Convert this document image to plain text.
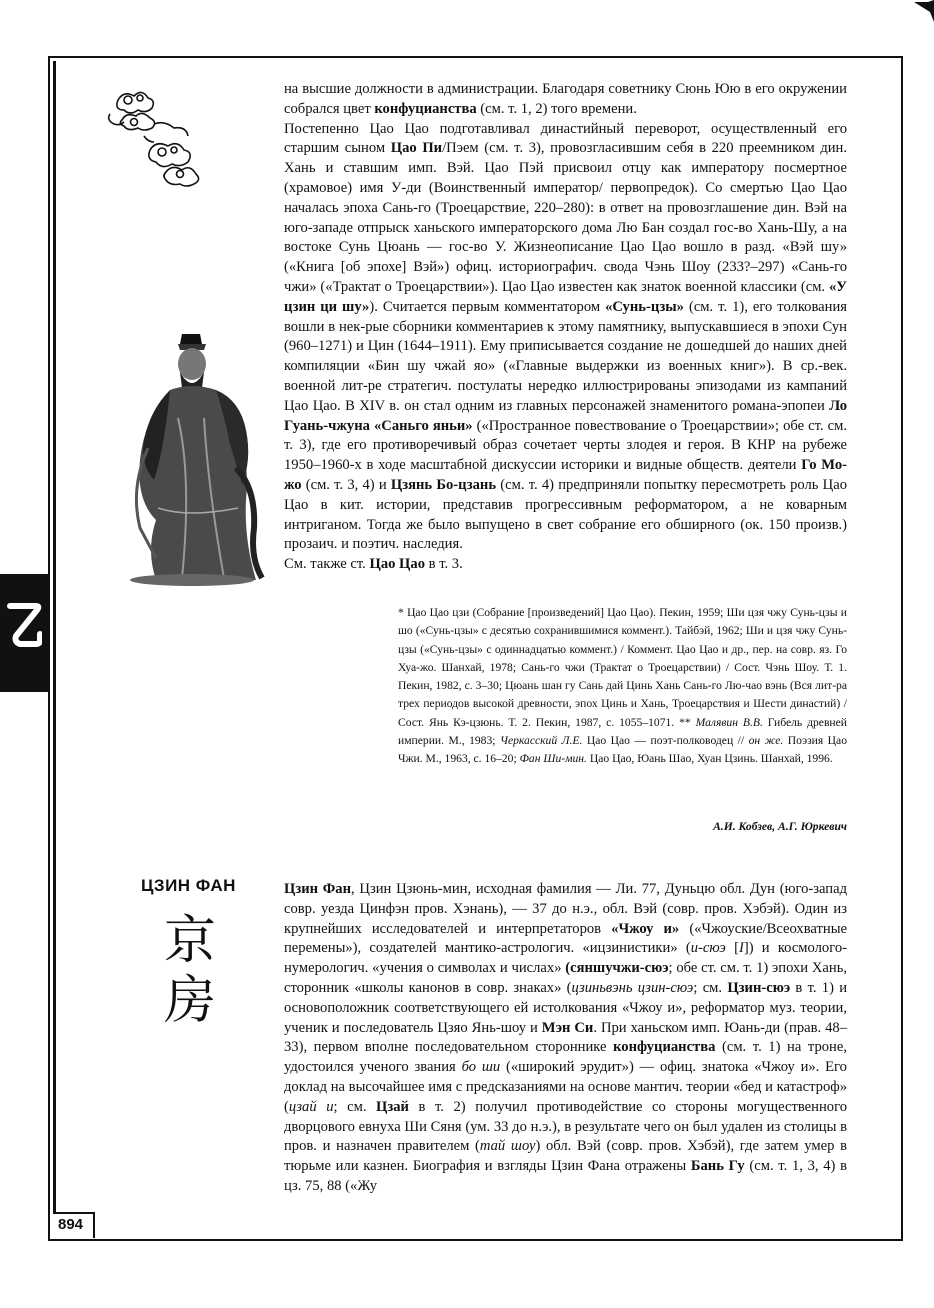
894

на высшие должности в администрации. Благодаря советнику Сюнь Юю в его окружении собрался цвет конфуцианства (см. т. 1, 2) того времени.

Постепенно Цао Цао подготавливал династийный переворот, осуществленный его старшим сыном Цао Пи/Пэем (см. т. 3), провозгласившим себя в 220 преемником дин. Хань и ставшим имп. Вэй. Цао Пэй присвоил отцу как императору посмертное (храмовое) имя У-ди (Воинственный император/ первопредок). Со смертью Цао Цао началась эпоха Сань-го (Троецарствие, 220–280): в ответ на провозглашение дин. Вэй на юго-западе отпрыск ханьского императорского дома Лю Бан создал гос-во Хань-Шу, а на востоке Сунь Цюань — гос-во У. Жизнеописание Цао Цао вошло в разд. «Вэй шу» («Книга [об эпохе] Вэй») офиц. историографич. свода Чэнь Шоу (233?–297) «Сань-го чжи» («Трактат о Троецарствии»). Цао Цао известен как знаток военной классики (см. «У цзин ци шу»). Считается первым комментатором «Сунь-цзы» (см. т. 1), его толкования вошли в нек-рые сборники комментариев к этому памятнику, выпускавшиеся в эпохи Сун (960–1271) и Цин (1644–1911). Ему приписывается создание не дошедшей до наших дней компиляции «Бин шу чжай яо» («Главные выдержки из военных книг»). В ср.-век. военной лит-ре стратегич. постулаты нередко иллюстрированы эпизодами из кампаний Цао Цао. В XIV в. он стал одним из главных персонажей знаменитого романа-эпопеи Ло Гуань-чжуна «Саньго яньи» («Пространное повествование о Троецарствии»; обе ст. см. т. 3), где его противоречивый образ сочетает черты злодея и героя. В КНР на рубеже 1950–1960-х в ходе масштабной дискуссии историки и видные обществ. деятели Го Мо-жо (см. т. 3, 4) и Цзянь Бо-цзань (см. т. 4) предприняли попытку пересмотреть роль Цао Цао в кит. истории, представив прогрессивным реформатором, а не коварным интриганом. Тогда же было выпущено в свет собрание его обширного (ок. 150 произв.) прозаич. и поэтич. наследия.

См. также ст. Цао Цао в т. 3.

* Цао Цао цзи (Собрание [произведений] Цао Цао). Пекин, 1959; Ши цзя чжу Сунь-цзы и шо («Сунь-цзы» с десятью сохранившимися коммент.). Тайбэй, 1962; Ши и цзя чжу Сунь-цзы («Сунь-цзы» с одиннадцатью коммент.) / Коммент. Цао Цао и др., пер. на совр. яз. Го Хуа-жо. Шанхай, 1978; Сань-го чжи (Трактат о Троецарствии) / Сост. Чэнь Шоу. Т. 1. Пекин, 1982, с. 3–30; Цюань шан гу Сань дай Цинь Хань Сань-го Лю-чао вэнь (Вся лит-ра трех периодов высокой древности, эпох Цинь и Хань, Троецарствия и Шести династий) / Сост. Янь Кэ-цзюнь. Т. 2. Пекин, 1987, с. 1055–1071. ** Малявин В.В. Гибель древней империи. М., 1983; Черкасский Л.Е. Цао Цао — поэт-полководец // он же. Поэзия Цао Чжи. М., 1963, с. 16–20; Фан Ши-мин. Цао Цао, Юань Шао, Хуан Цзинь. Шанхай, 1996.

А.И. Кобзев, А.Г. Юркевич
ЦЗИН ФАН
京
房

Цзин Фан, Цзин Цзюнь-мин, исходная фамилия — Ли. 77, Дуньцю обл. Дун (юго-запад совр. уезда Цинфэн пров. Хэнань), — 37 до н.э., обл. Вэй (совр. пров. Хэбэй). Один из крупнейших исследователей и интерпретаторов «Чжоу и» («Чжоуские/Всеохватные перемены»), создателей мантико-астрологич. «ицзинистики» (и-сюэ [I]) и космолого-нумерологич. «учения о символах и числах» (сяншучжи-сюэ; обе ст. см. т. 1) эпохи Хань, сторонник «школы канонов в совр. знаках» (цзиньвэнь цзин-сюэ; см. Цзин-сюэ в т. 1) и основоположник соответствующего ей истолкования «Чжоу и», реформатор муз. теории, ученик и последователь Цзяо Янь-шоу и Мэн Си. При ханьском имп. Юань-ди (прав. 48–33), первом вполне последовательном стороннике конфуцианства (см. т. 1) на троне, удостоился ученого звания бо ши («широкий эрудит») — офиц. знатока «Чжоу и». Его доклад на высочайшее имя с предсказаниями на основе мантич. теории «бед и катастроф» (цзай и; см. Цзай в т. 2) получил противодействие со стороны могущественного дворцового евнуха Ши Сяня (ум. 33 до н.э.), в результате чего он был удален из столицы в пров. и назначен правителем (тай шоу) обл. Вэй (совр. пров. Хэбэй), где затем умер в тюрьме или казнен. Биография и взгляды Цзин Фана отражены Бань Гу (см. т. 1, 3, 4) в цз. 75, 88 («Жу
